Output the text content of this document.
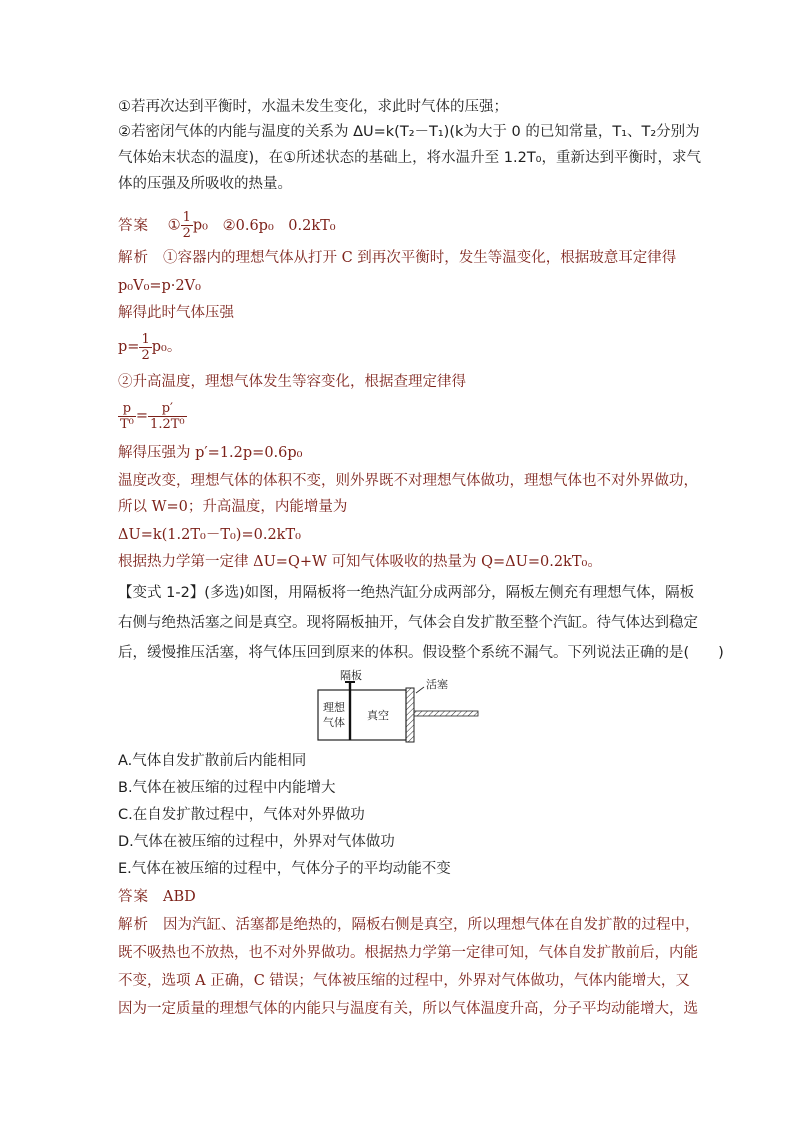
①若再次达到平衡时，水温未发生变化，求此时气体的压强；
②若密闭气体的内能与温度的关系为 ΔU=k(T₂－T₁)(k为大于 0 的已知常量，T₁、T₂分别为
气体始末状态的温度)，在①所述状态的基础上，将水温升至 1.2T₀，重新达到平衡时，求气
体的压强及所吸收的热量。
答案 ① $\frac{1}{2} p_0$ ②0.6p₀　0.2kT₀
解析 ①容器内的理想气体从打开 C 到再次平衡时，发生等温变化，根据玻意耳定律得
p₀V₀=p·2V₀
解得此时气体压强
$p= \frac{1}{2} p_0$。
②升高温度，理想气体发生等容变化，根据查理定律得
$\frac{p}{\text{T⁰}} = \frac{p'}{\text{1.2T⁰}}$
解得压强为 p′=1.2p=0.6p₀
温度改变，理想气体的体积不变，则外界既不对理想气体做功，理想气体也不对外界做功，
所以 W=0；升高温度，内能增量为
ΔU=k(1.2T₀－T₀)=0.2kT₀
根据热力学第一定律 ΔU=Q+W 可知气体吸收的热量为 Q=ΔU=0.2kT₀。
【变式 1-2】(多选)如图，用隔板将一绝热汽缸分成两部分，隔板左侧充有理想气体，隔板
右侧与绝热活塞之间是真空。现将隔板抽开，气体会自发扩散至整个汽缸。待气体达到稳定
后，缓慢推压活塞，将气体压回到原来的体积。假设整个系统不漏气。下列说法正确的是(　　)
隔板
活塞
理想
气体
真空
A.气体自发扩散前后内能相同
B.气体在被压缩的过程中内能增大
C.在自发扩散过程中，气体对外界做功
D.气体在被压缩的过程中，外界对气体做功
E.气体在被压缩的过程中，气体分子的平均动能不变
答案 ABD
解析 因为汽缸、活塞都是绝热的，隔板右侧是真空，所以理想气体在自发扩散的过程中，
既不吸热也不放热，也不对外界做功。根据热力学第一定律可知，气体自发扩散前后，内能
不变，选项 A 正确，C 错误；气体被压缩的过程中，外界对气体做功，气体内能增大，又
因为一定质量的理想气体的内能只与温度有关，所以气体温度升高，分子平均动能增大，选
